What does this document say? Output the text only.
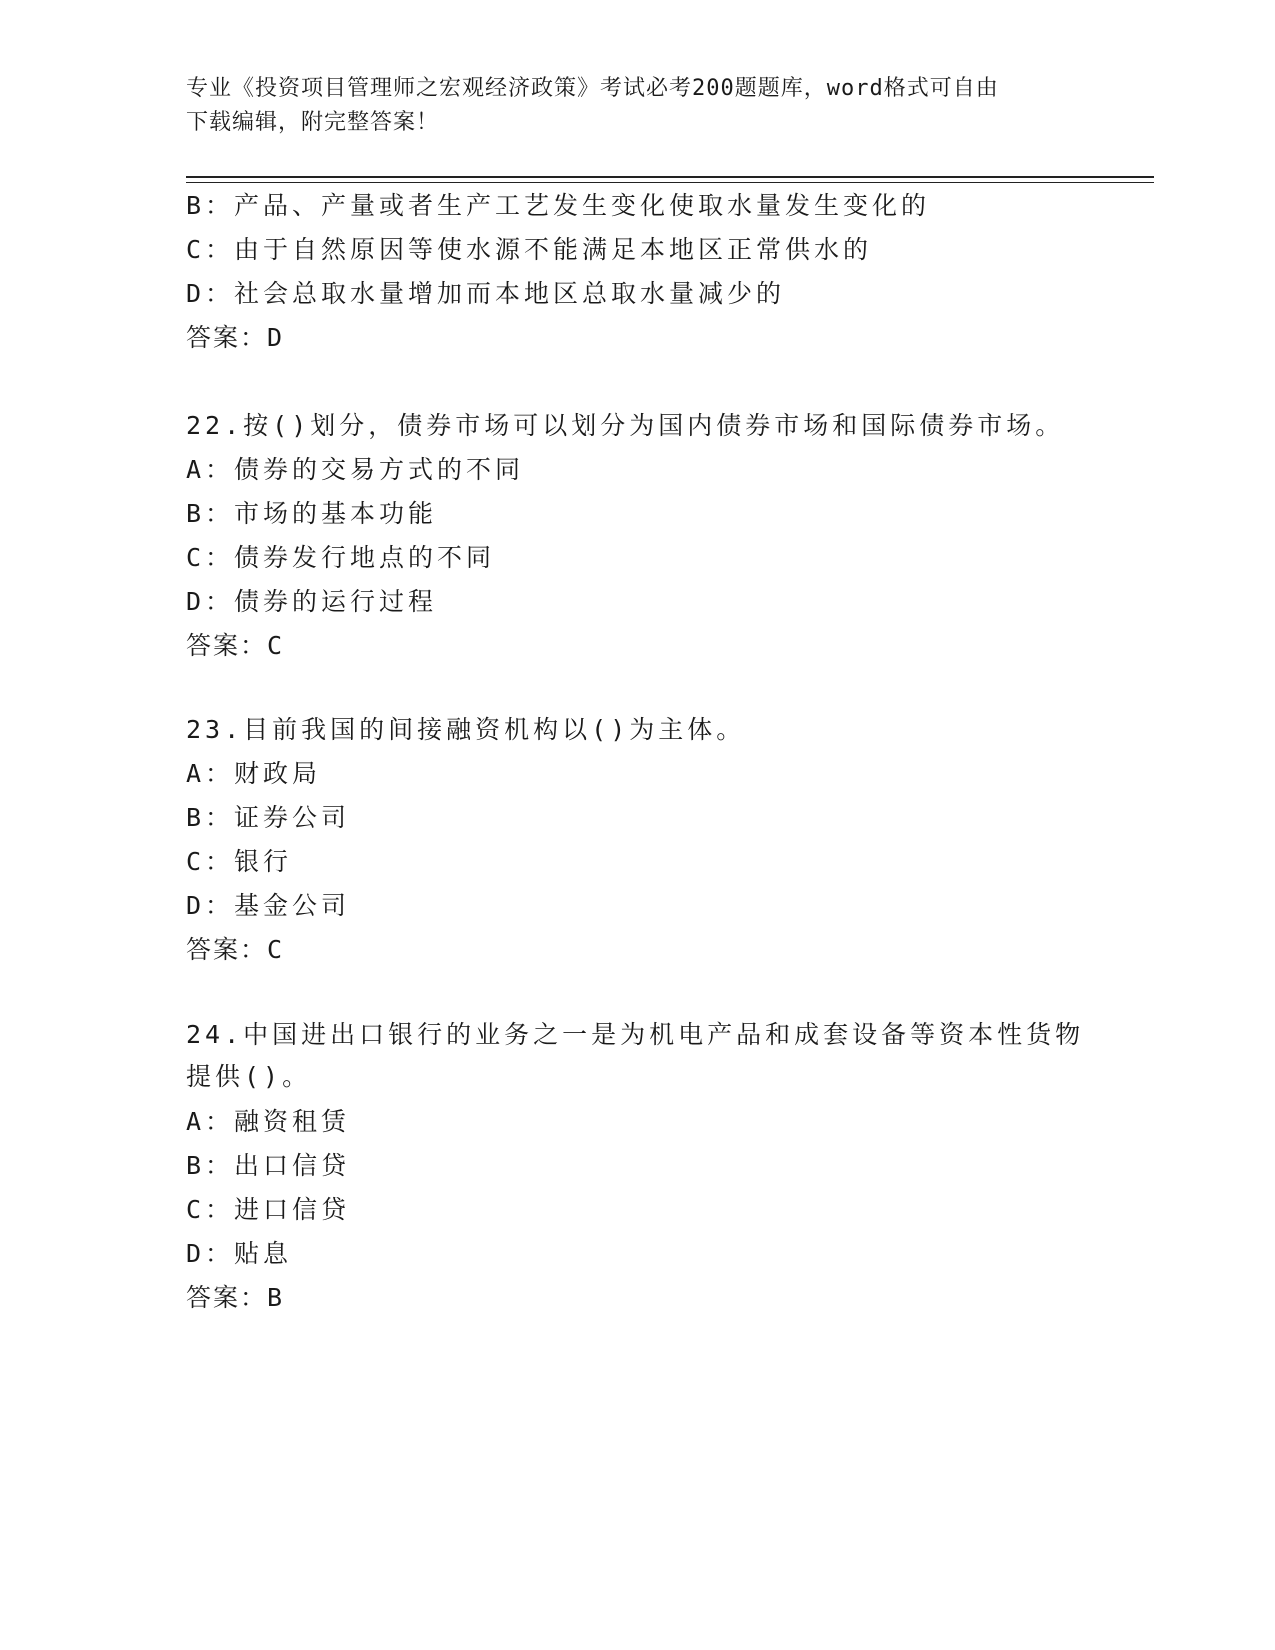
专业《投资项目管理师之宏观经济政策》考试必考200题题库，word格式可自由
下载编辑，附完整答案！

B：产品、产量或者生产工艺发生变化使取水量发生变化的

C：由于自然原因等使水源不能满足本地区正常供水的

D：社会总取水量增加而本地区总取水量减少的

答案：D

22.按()划分，债券市场可以划分为国内债券市场和国际债券市场。

A：债券的交易方式的不同

B：市场的基本功能

C：债券发行地点的不同

D：债券的运行过程

答案：C

23.目前我国的间接融资机构以()为主体。

A：财政局

B：证券公司

C：银行

D：基金公司

答案：C

24.中国进出口银行的业务之一是为机电产品和成套设备等资本性货物

提供()。

A：融资租赁

B：出口信贷

C：进口信贷

D：贴息

答案：B
